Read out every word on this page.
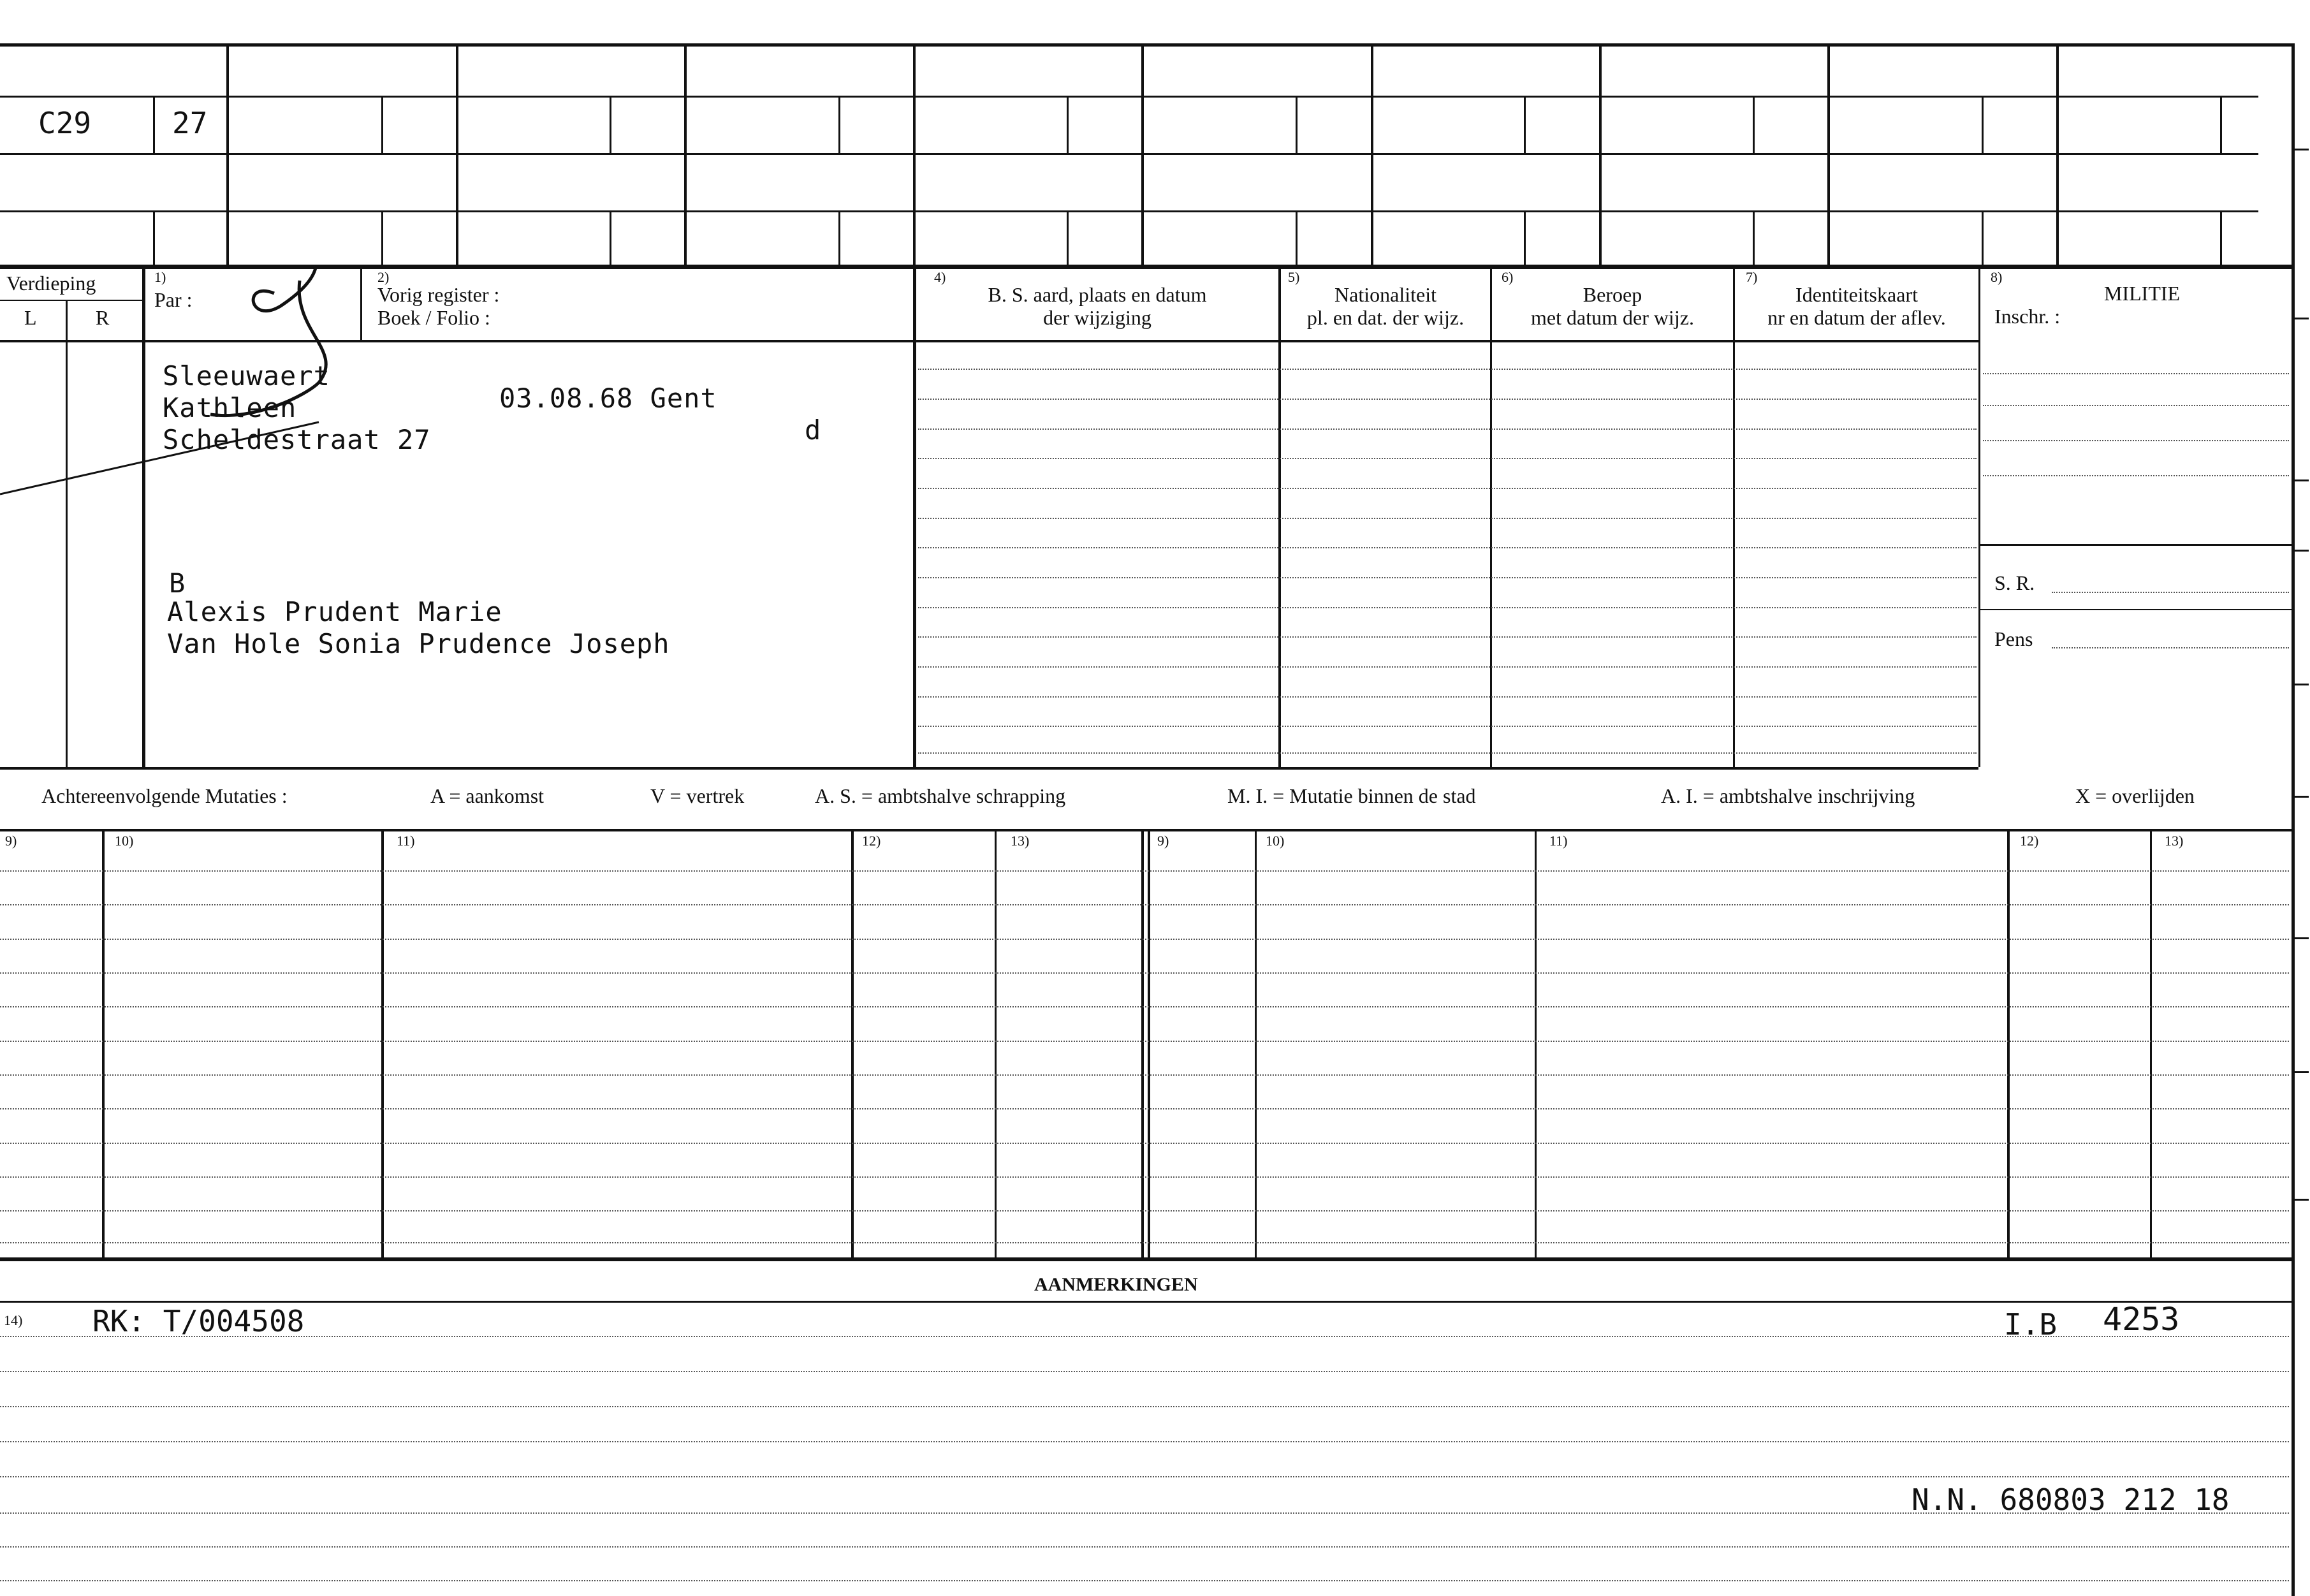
C29	27
Verdieping
L	R
1)
Par :
2)
Vorig register :
Boek / Folio :
4)
B. S. aard, plaats en datum
der wijziging
5)
Nationaliteit
pl. en dat. der wijz.
6)
Beroep
met datum der wijz.
7)
Identiteitskaart
nr en datum der aflev.
8)
MILITIE
Inschr. :
Sleeuwaert
Kathleen	03.08.68 Gent
Scheldestraat 27	d
B
Alexis Prudent Marie
Van Hole Sonia Prudence Joseph
S. R.
Pens
Achtereenvolgende Mutaties :	A = aankomst	V = vertrek	A. S. = ambtshalve schrapping	M. I. = Mutatie binnen de stad	A. I. = ambtshalve inschrijving	X = overlijden
9)	10)	11)	12)	13)	9)	10)	11)	12)	13)
AANMERKINGEN
14) RK: T/004508	I.B 4253
N.N. 680803 212 18
